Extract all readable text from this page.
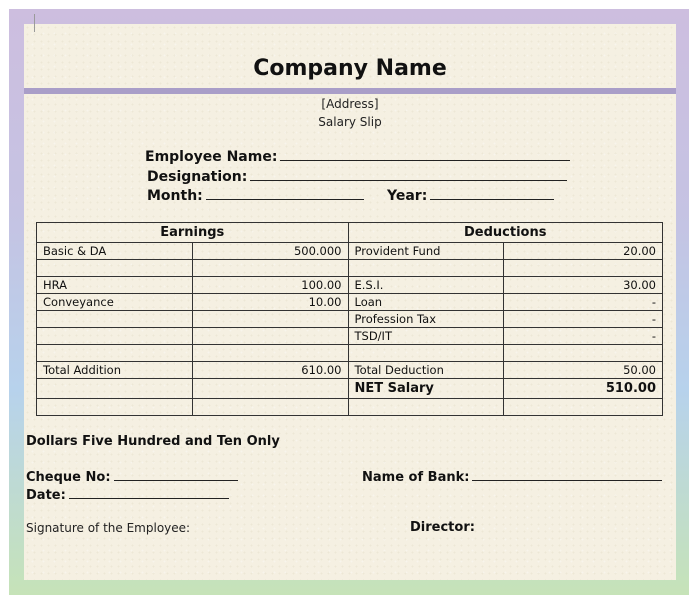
Company Name
[Address]
Salary Slip
Employee Name:
Designation:
Month:	Year:
Earnings		Deductions	
Basic & DA	500.000	Provident Fund	20.00

HRA	100.00	E.S.I.	30.00
Conveyance	10.00	Loan	-
		Profession Tax	-
		TSD/IT	-

Total Addition	610.00	Total Deduction	50.00
		NET Salary	510.00

Dollars Five Hundred and Ten Only
Cheque No:	Name of Bank:
Date:
Signature of the Employee:	Director:
